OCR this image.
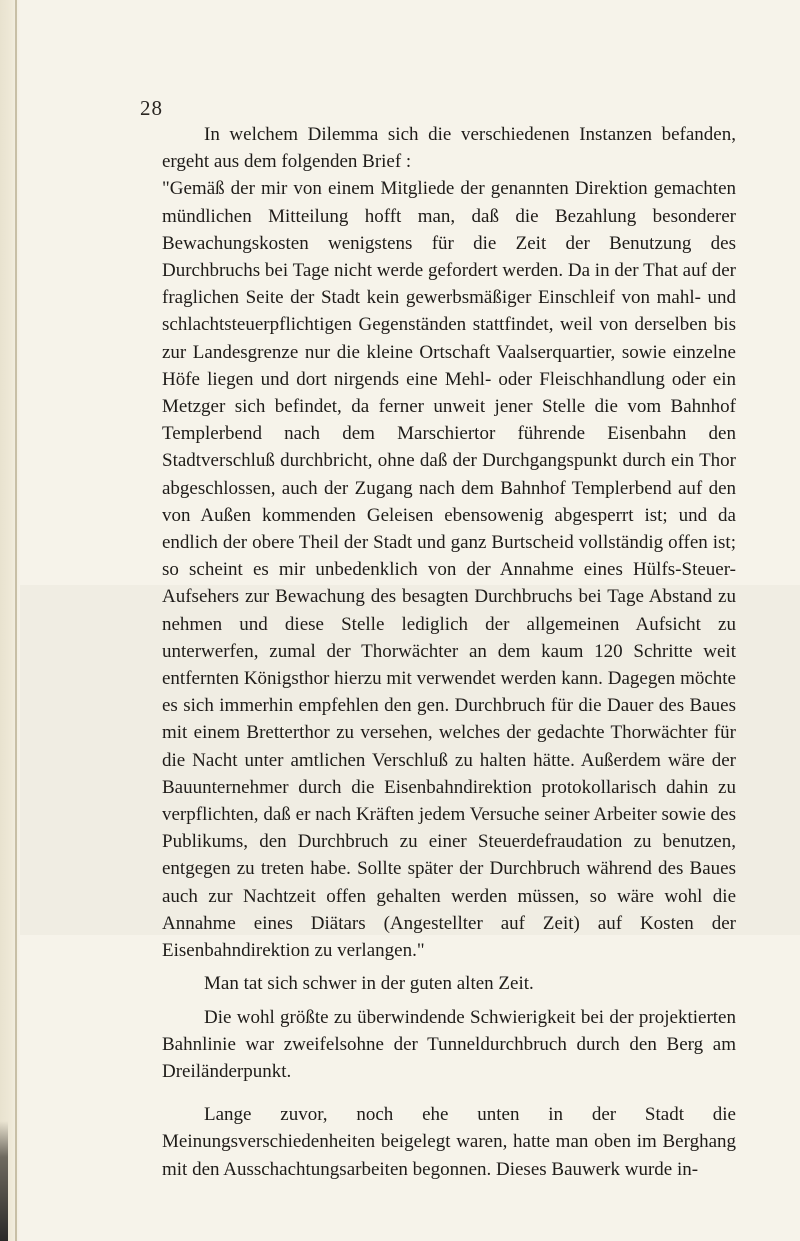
28

In welchem Dilemma sich die verschiedenen Instanzen befanden, ergeht aus dem folgenden Brief :

"Gemäß der mir von einem Mitgliede der genannten Direktion gemachten mündlichen Mitteilung hofft man, daß die Bezahlung besonderer Bewachungskosten wenigstens für die Zeit der Benutzung des Durchbruchs bei Tage nicht werde gefordert werden. Da in der That auf der fraglichen Seite der Stadt kein gewerbsmäßiger Einschleif von mahl- und schlachtsteuerpflichtigen Gegenständen stattfindet, weil von derselben bis zur Landesgrenze nur die kleine Ortschaft Vaalserquartier, sowie einzelne Höfe liegen und dort nirgends eine Mehl- oder Fleischhandlung oder ein Metzger sich befindet, da ferner unweit jener Stelle die vom Bahnhof Templerbend nach dem Marschiertor führende Eisenbahn den Stadtverschluß durchbricht, ohne daß der Durchgangspunkt durch ein Thor abgeschlossen, auch der Zugang nach dem Bahnhof Templerbend auf den von Außen kommenden Geleisen ebensowenig abgesperrt ist; und da endlich der obere Theil der Stadt und ganz Burtscheid vollständig offen ist; so scheint es mir unbedenklich von der Annahme eines Hülfs-Steuer-Aufsehers zur Bewachung des besagten Durchbruchs bei Tage Abstand zu nehmen und diese Stelle lediglich der allgemeinen Aufsicht zu unterwerfen, zumal der Thorwächter an dem kaum 120 Schritte weit entfernten Königsthor hierzu mit verwendet werden kann. Dagegen möchte es sich immerhin empfehlen den gen. Durchbruch für die Dauer des Baues mit einem Bretterthor zu versehen, welches der gedachte Thorwächter für die Nacht unter amtlichen Verschluß zu halten hätte. Außerdem wäre der Bauunternehmer durch die Eisenbahndirektion protokollarisch dahin zu verpflichten, daß er nach Kräften jedem Versuche seiner Arbeiter sowie des Publikums, den Durchbruch zu einer Steuerdefraudation zu benutzen, entgegen zu treten habe. Sollte später der Durchbruch während des Baues auch zur Nachtzeit offen gehalten werden müssen, so wäre wohl die Annahme eines Diätars (Angestellter auf Zeit) auf Kosten der Eisenbahndirektion zu verlangen."

Man tat sich schwer in der guten alten Zeit.

Die wohl größte zu überwindende Schwierigkeit bei der projektierten Bahnlinie war zweifelsohne der Tunneldurchbruch durch den Berg am Dreiländerpunkt.

Lange zuvor, noch ehe unten in der Stadt die Meinungsverschiedenheiten beigelegt waren, hatte man oben im Berghang mit den Ausschachtungsarbeiten begonnen. Dieses Bauwerk wurde in-
